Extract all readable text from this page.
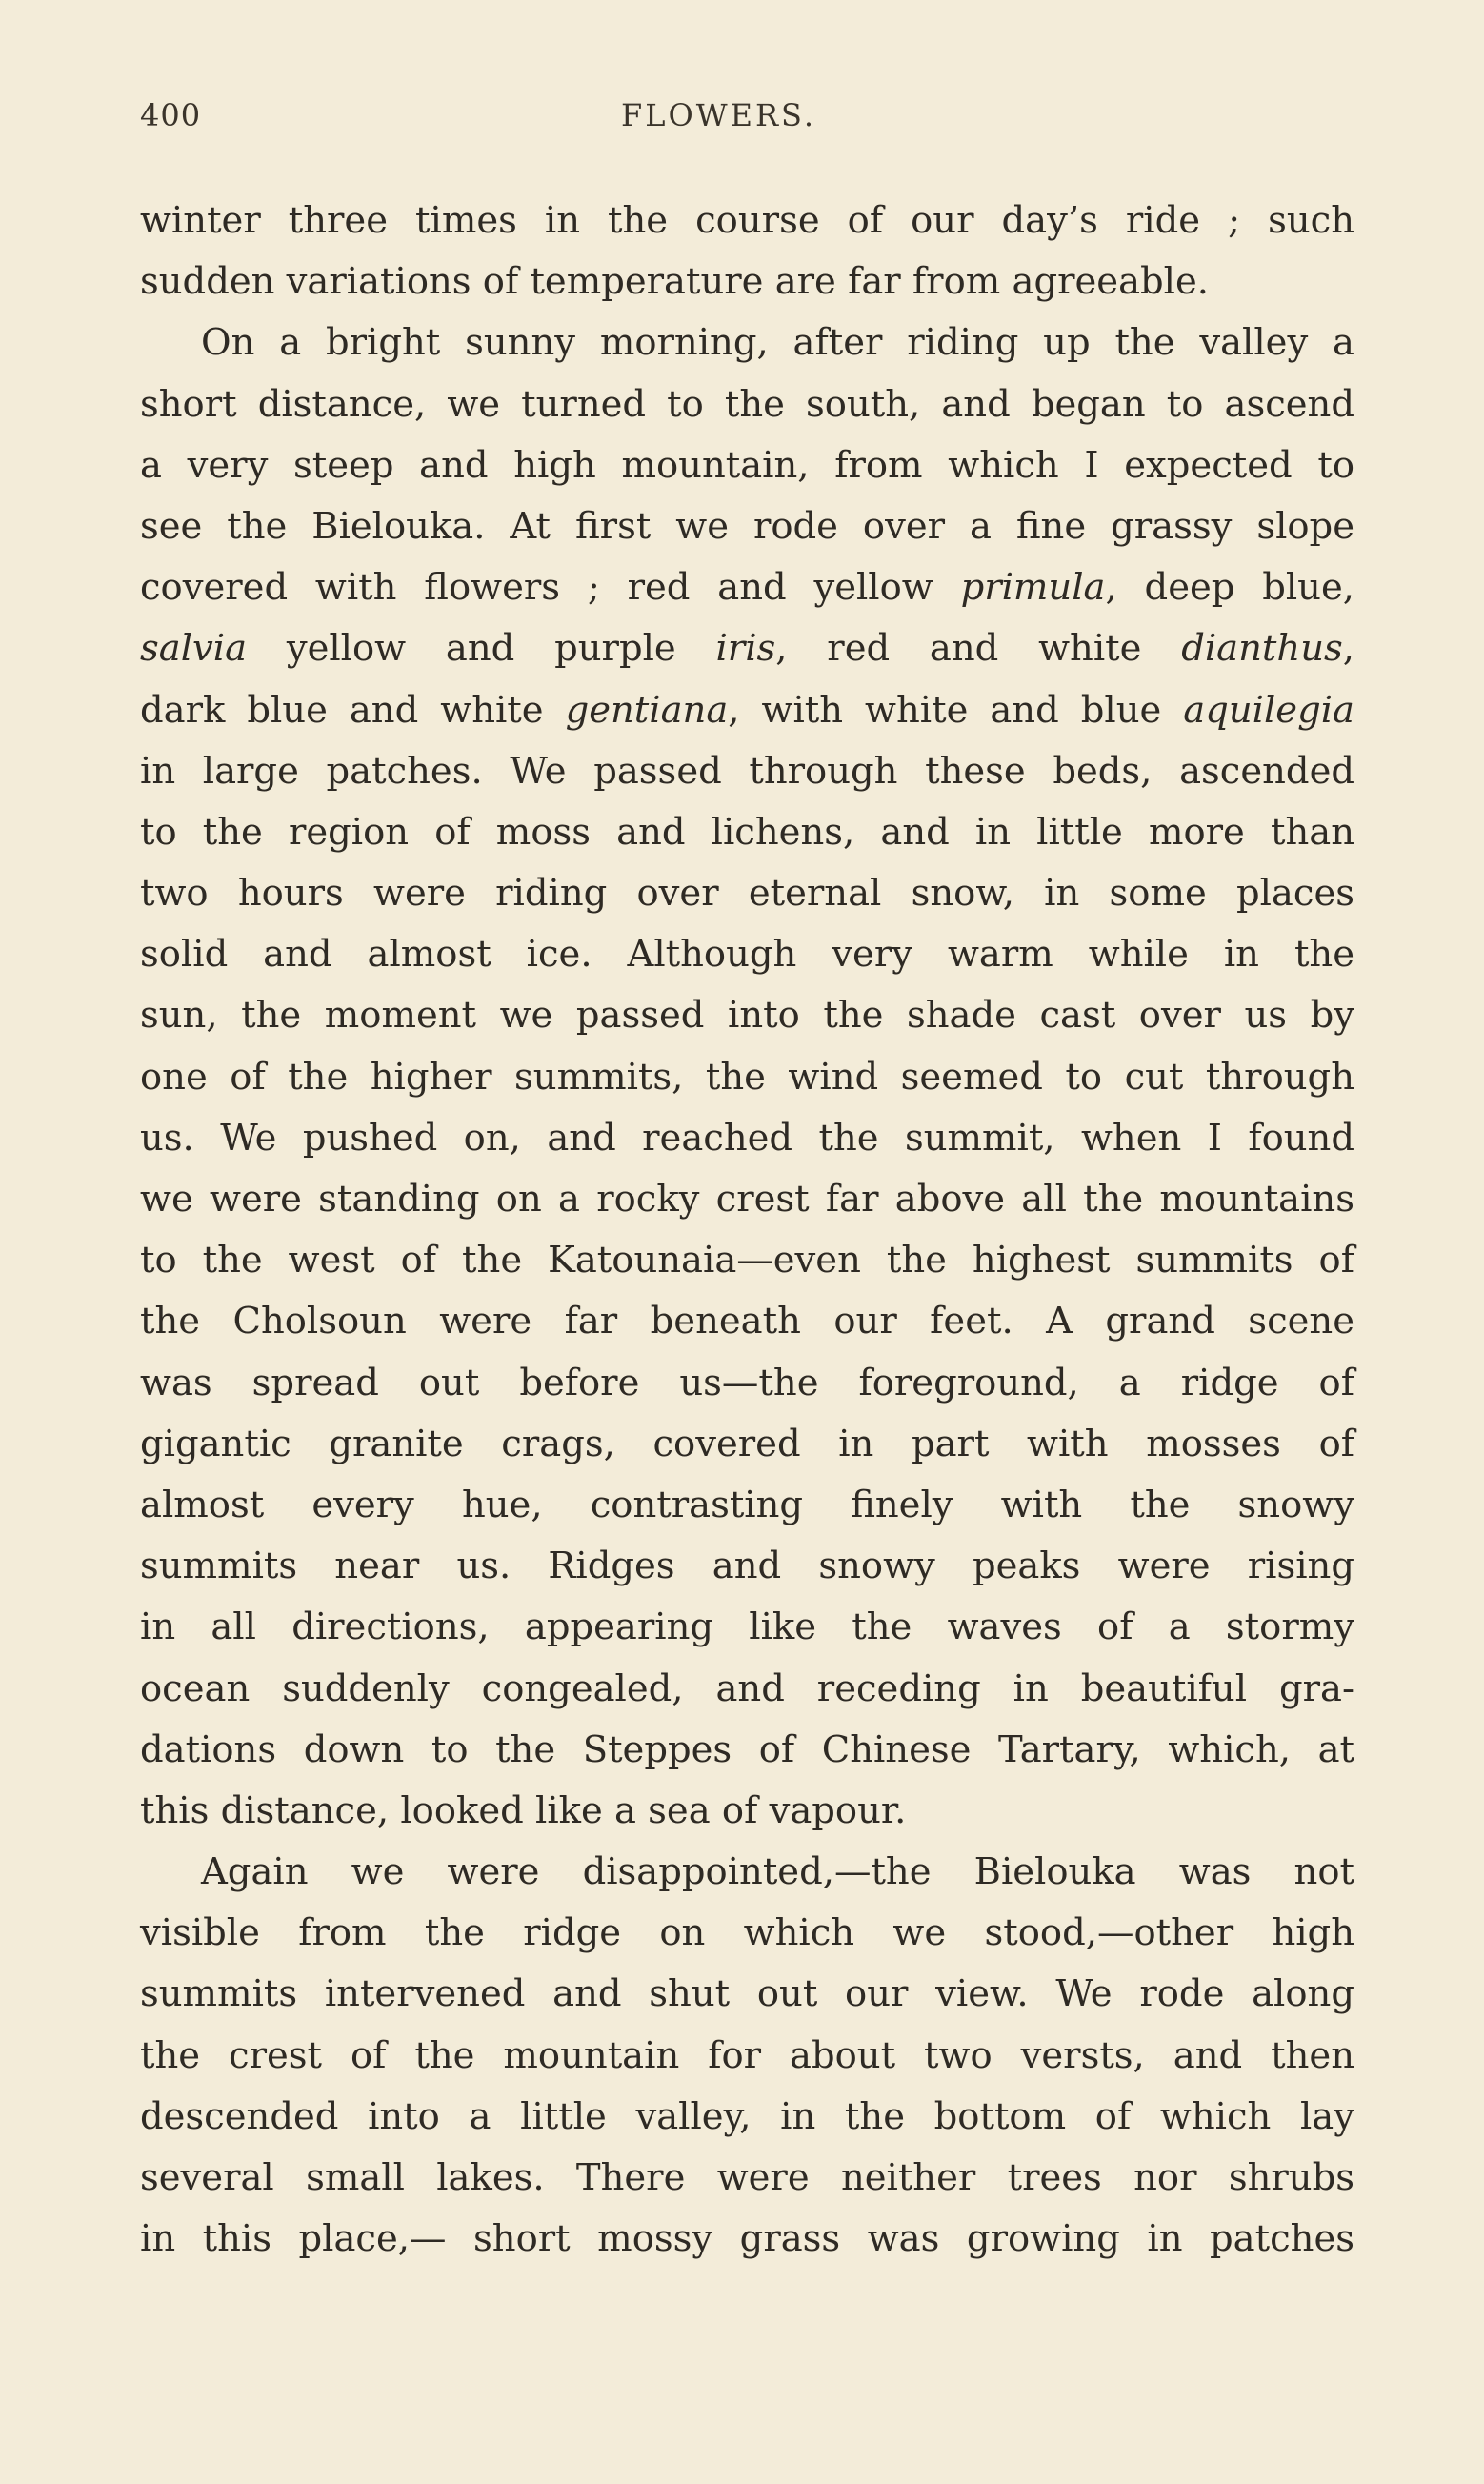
400	FLOWERS.
winter three times in the course of our day’s ride ; such
sudden variations of temperature are far from agreeable.
On a bright sunny morning, after riding up the valley a
short distance, we turned to the south, and began to ascend
a very steep and high mountain, from which I expected to
see the Bielouka. At first we rode over a fine grassy slope
covered with flowers ; red and yellow primula, deep blue,
salvia yellow and purple iris, red and white dianthus,
dark blue and white gentiana, with white and blue aquilegia
in large patches. We passed through these beds, ascended
to the region of moss and lichens, and in little more than
two hours were riding over eternal snow, in some places
solid and almost ice. Although very warm while in the
sun, the moment we passed into the shade cast over us by
one of the higher summits, the wind seemed to cut through
us. We pushed on, and reached the summit, when I found
we were standing on a rocky crest far above all the mountains
to the west of the Katounaia—even the highest summits of
the Cholsoun were far beneath our feet. A grand scene
was spread out before us—the foreground, a ridge of
gigantic granite crags, covered in part with mosses of
almost every hue, contrasting finely with the snowy
summits near us. Ridges and snowy peaks were rising
in all directions, appearing like the waves of a stormy
ocean suddenly congealed, and receding in beautiful gra-
dations down to the Steppes of Chinese Tartary, which, at
this distance, looked like a sea of vapour.
Again we were disappointed,—the Bielouka was not
visible from the ridge on which we stood,—other high
summits intervened and shut out our view. We rode along
the crest of the mountain for about two versts, and then
descended into a little valley, in the bottom of which lay
several small lakes. There were neither trees nor shrubs
in this place,— short mossy grass was growing in patches
